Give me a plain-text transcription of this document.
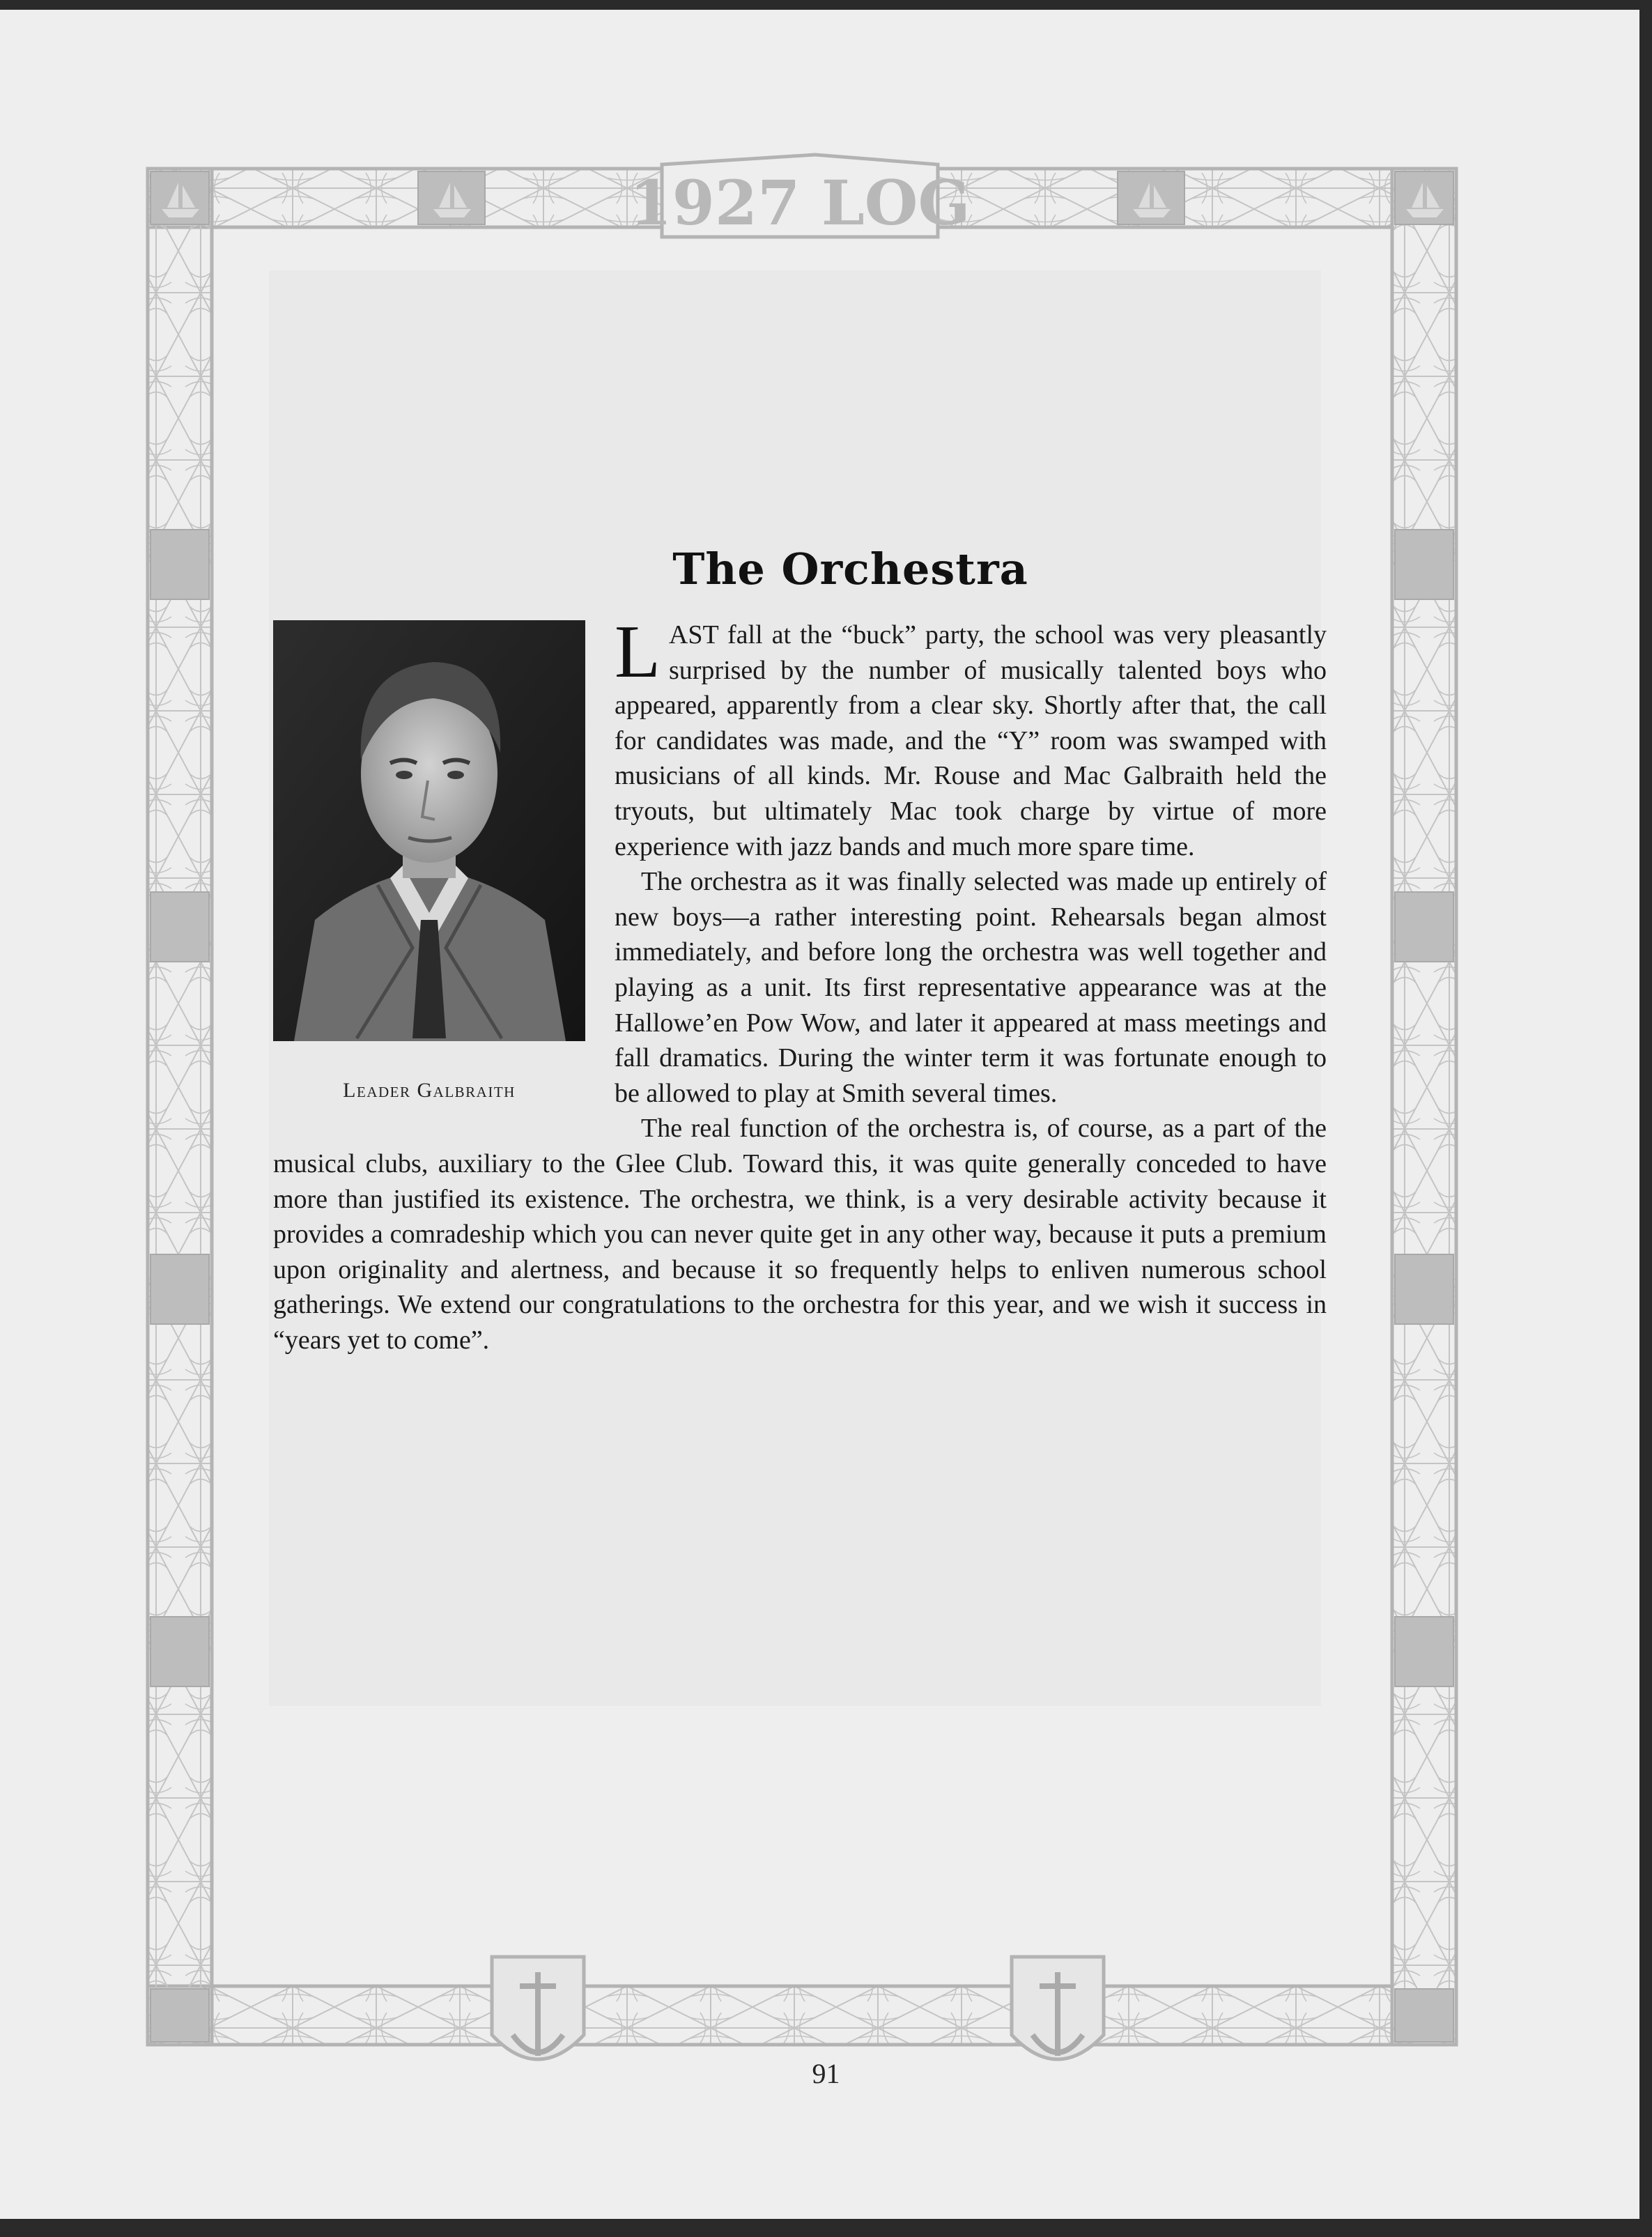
1927 LOG
The Orchestra
Leader Galbraith

LAST fall at the “buck” party, the school was very pleasantly surprised by the number of musically talented boys who appeared, apparently from a clear sky. Shortly after that, the call for candidates was made, and the “Y” room was swamped with musicians of all kinds. Mr. Rouse and Mac Galbraith held the tryouts, but ultimately Mac took charge by virtue of more experience with jazz bands and much more spare time.

The orchestra as it was finally selected was made up entirely of new boys—a rather interesting point. Rehearsals began almost immediately, and before long the orchestra was well together and playing as a unit. Its first representative appearance was at the Hallowe’en Pow Wow, and later it appeared at mass meetings and fall dramatics. During the winter term it was fortunate enough to be allowed to play at Smith several times.

The real function of the orchestra is, of course, as a part of the musical clubs, auxiliary to the Glee Club. Toward this, it was quite generally conceded to have more than justified its existence. The orchestra, we think, is a very desirable activity because it provides a comradeship which you can never quite get in any other way, because it puts a premium upon originality and alertness, and because it so frequently helps to enliven numerous school gatherings. We extend our congratulations to the orchestra for this year, and we wish it success in “years yet to come”.

91
